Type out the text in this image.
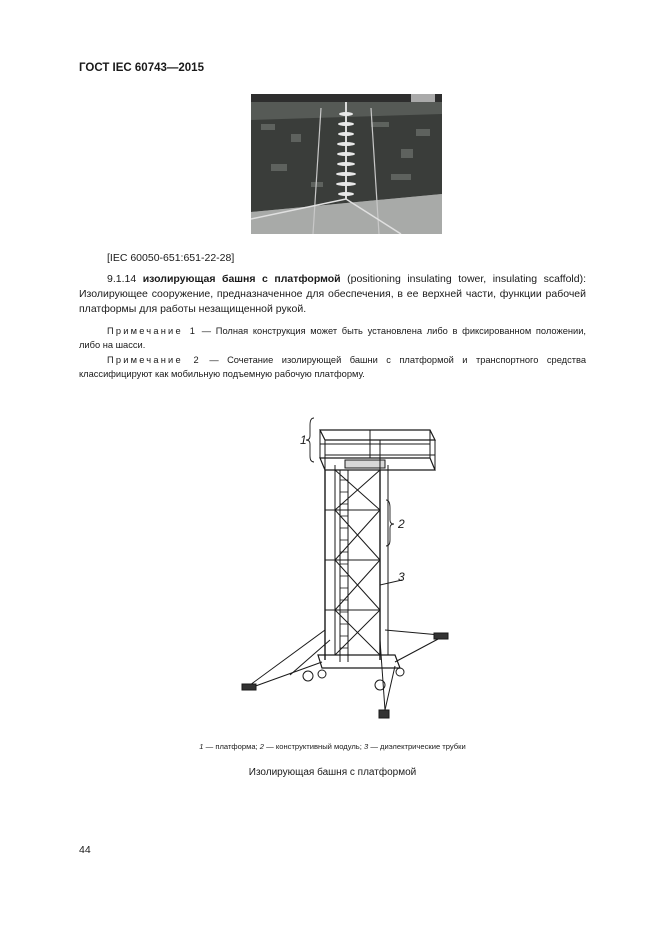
ГОСТ IEC 60743—2015
[IEC 60050-651:651-22-28]
9.1.14 изолирующая башня с платформой (positioning insulating tower, insulating scaffold): Изолирующее сооружение, предназначенное для обеспечения, в ее верхней части, функции рабочей платформы для работы незащищенной рукой.
Примечание 1 — Полная конструкция может быть установлена либо в фиксированном положении, либо на шасси.
Примечание 2 — Сочетание изолирующей башни с платформой и транспортного средства классифицируют как мобильную подъемную рабочую платформу.
1
2
3
1 — платформа; 2 — конструктивный модуль; 3 — диэлектрические трубки
Изолирующая башня с платформой
44
